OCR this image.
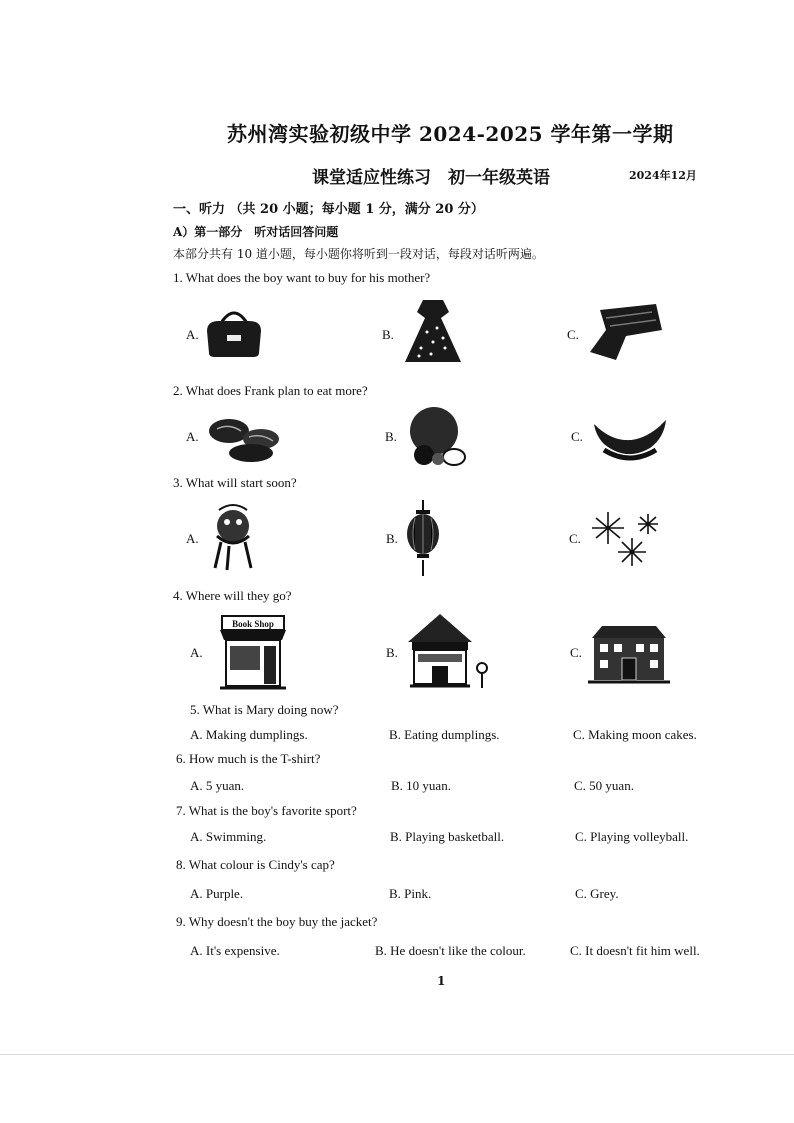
苏州湾实验初级中学 2024-2025 学年第一学期
课堂适应性练习　初一年级英语	2024年12月
一、听力 （共 20 小题；每小题 1 分，满分 20 分）
A）第一部分　听对话回答问题
本部分共有 10 道小题，每小题你将听到一段对话，每段对话听两遍。
1. What does the boy want to buy for his mother?
A.	B.	C.
2. What does Frank plan to eat more?
A.	B.	C.
3. What will start soon?
A.	B.	C.
4. Where will they go?
A.
Book Shop
B.	C.
5. What is Mary doing now?
A. Making dumplings.	B. Eating dumplings.	C. Making moon cakes.
6. How much is the T-shirt?
A. 5 yuan.	B. 10 yuan.	C. 50 yuan.
7. What is the boy's favorite sport?
A. Swimming.	B. Playing basketball.	C. Playing volleyball.
8. What colour is Cindy's cap?
A. Purple.	B. Pink.	C. Grey.
9. Why doesn't the boy buy the jacket?
A. It's expensive.	B. He doesn't like the colour.	C. It doesn't fit him well.
1
